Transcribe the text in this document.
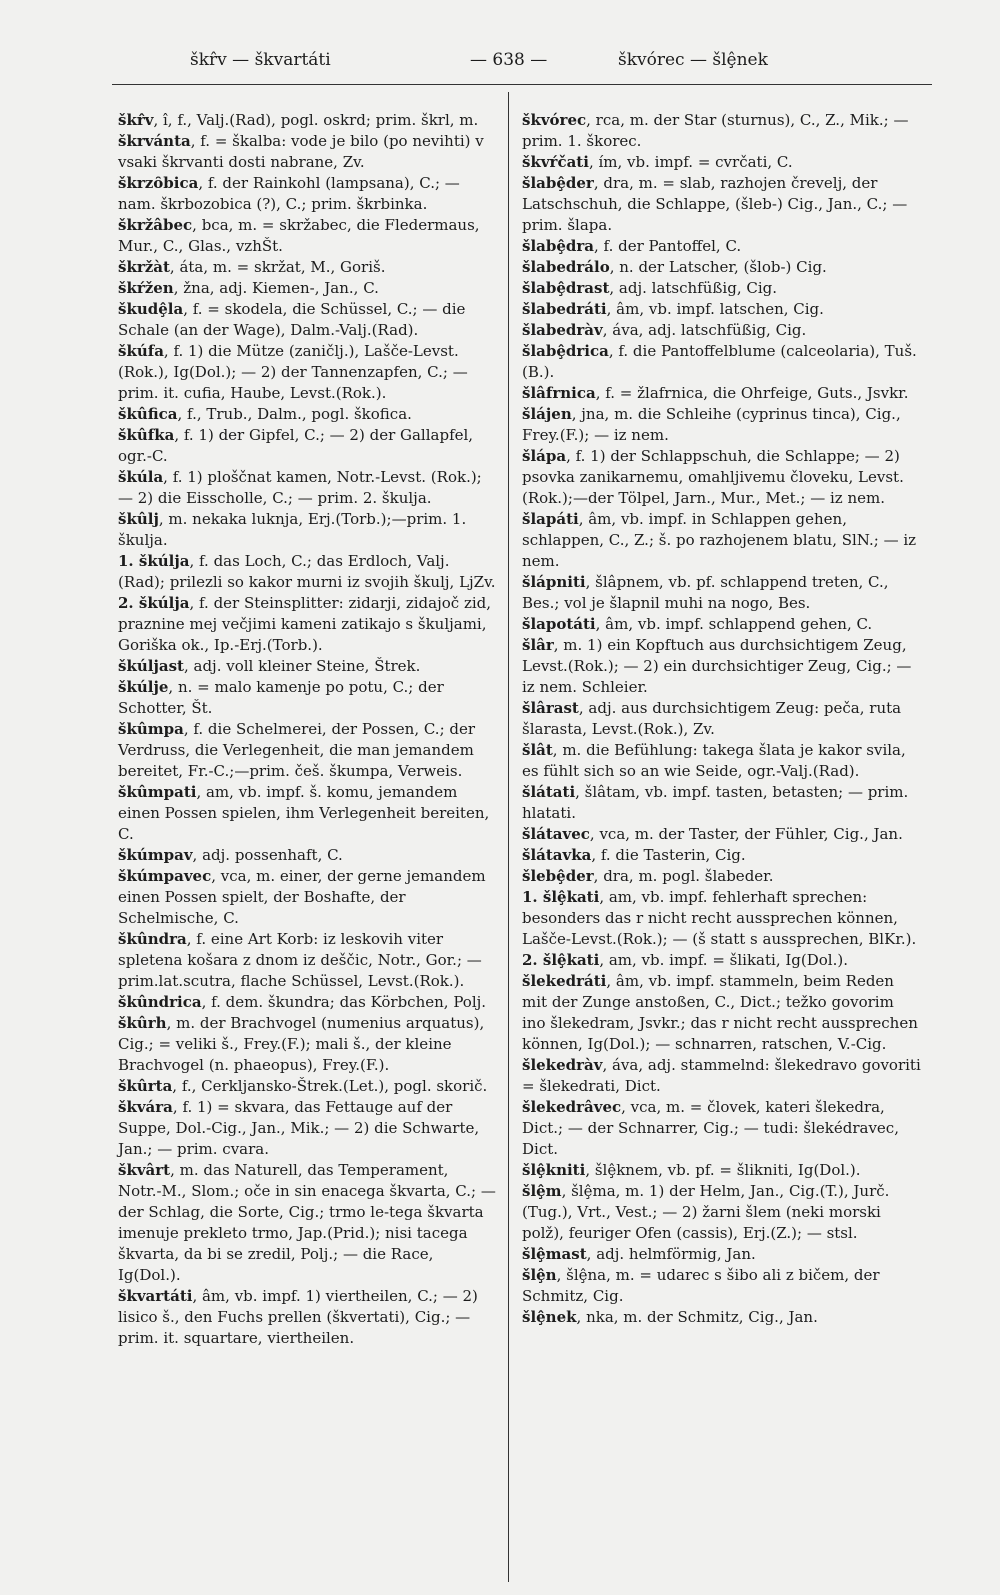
škr̂v — škvartáti	— 638 —	škvórec — šlȩ̂nek

škr̂v, î, f., Valj.(Rad), pogl. oskrd; prim. škrl, m.

škrvánta, f. = škalba: vode je bilo (po nevihti) v vsaki škrvanti dosti nabrane, Zv.

škrzȏbica, f. der Rainkohl (lampsana), C.; — nam. škrbozobica (?), C.; prim. škrbinka.

škržâbec, bca, m. = skržabec, die Fledermaus, Mur., C., Glas., vzhŠt.

škržàt, áta, m. = skržat, M., Goriš.

škŕžen, žna, adj. Kiemen-, Jan., C.

škudȩ̂la, f. = skodela, die Schüssel, C.; — die Schale (an der Wage), Dalm.-Valj.(Rad).

škúfa, f. 1) die Mütze (zaničlj.), Lašče-Levst. (Rok.), Ig(Dol.); — 2) der Tannenzapfen, C.; — prim. it. cufia, Haube, Levst.(Rok.).

škûfica, f., Trub., Dalm., pogl. škofica.

škûfka, f. 1) der Gipfel, C.; — 2) der Gallapfel, ogr.-C.

škúla, f. 1) ploščnat kamen, Notr.-Levst. (Rok.); — 2) die Eisscholle, C.; — prim. 2. škulja.

škûlj, m. nekaka luknja, Erj.(Torb.);—prim. 1. škulja.

1. škúlja, f. das Loch, C.; das Erdloch, Valj. (Rad); prilezli so kakor murni iz svojih škulj, LjZv.

2. škúlja, f. der Steinsplitter: zidarji, zidajoč zid, praznine mej večjimi kameni zatikajo s škuljami, Goriška ok., Ip.-Erj.(Torb.).

škúljast, adj. voll kleiner Steine, Štrek.

škúlje, n. = malo kamenje po potu, C.; der Schotter, Št.

škûmpa, f. die Schelmerei, der Possen, C.; der Verdruss, die Verlegenheit, die man jemandem bereitet, Fr.-C.;—prim. češ. škumpa, Verweis.

škûmpati, am, vb. impf. š. komu, jemandem einen Possen spielen, ihm Verlegenheit bereiten, C.

škúmpav, adj. possenhaft, C.

škúmpavec, vca, m. einer, der gerne jemandem einen Possen spielt, der Boshafte, der Schelmische, C.

škûndra, f. eine Art Korb: iz leskovih viter spletena košara z dnom iz deščic, Notr., Gor.; —prim.lat.scutra, flache Schüssel, Levst.(Rok.).

škûndrica, f. dem. škundra; das Körbchen, Polj.

škûrh, m. der Brachvogel (numenius arquatus), Cig.; = veliki š., Frey.(F.); mali š., der kleine Brachvogel (n. phaeopus), Frey.(F.).

škûrta, f., Cerkljansko-Štrek.(Let.), pogl. skorič.

škvára, f. 1) = skvara, das Fettauge auf der Suppe, Dol.-Cig., Jan., Mik.; — 2) die Schwarte, Jan.; — prim. cvara.

škvârt, m. das Naturell, das Temperament, Notr.-M., Slom.; oče in sin enacega škvarta, C.; — der Schlag, die Sorte, Cig.; trmo le-tega škvarta imenuje prekleto trmo, Jap.(Prid.); nisi tacega škvarta, da bi se zredil, Polj.; — die Race, Ig(Dol.).

škvartáti, âm, vb. impf. 1) viertheilen, C.; — 2) lisico š., den Fuchs prellen (škvertati), Cig.; — prim. it. squartare, viertheilen.

škvórec, rca, m. der Star (sturnus), C., Z., Mik.; — prim. 1. škorec.

škvŕčati, ím, vb. impf. = cvrčati, C.

šlabȩ̂der, dra, m. = slab, razhojen črevelj, der Latschschuh, die Schlappe, (šleb-) Cig., Jan., C.; — prim. šlapa.

šlabȩ̂dra, f. der Pantoffel, C.

šlabedrálo, n. der Latscher, (šlob-) Cig.

šlabȩ̂drast, adj. latschfüßig, Cig.

šlabedráti, âm, vb. impf. latschen, Cig.

šlabedràv, áva, adj. latschfüßig, Cig.

šlabȩ̂drica, f. die Pantoffelblume (calceolaria), Tuš.(B.).

šlâfrnica, f. = žlafrnica, die Ohrfeige, Guts., Jsvkr.

šlájen, jna, m. die Schleihe (cyprinus tinca), Cig., Frey.(F.); — iz nem.

šlápa, f. 1) der Schlappschuh, die Schlappe; — 2) psovka zanikarnemu, omahljivemu človeku, Levst.(Rok.);—der Tölpel, Jarn., Mur., Met.; — iz nem.

šlapáti, âm, vb. impf. in Schlappen gehen, schlappen, C., Z.; š. po razhojenem blatu, SlN.; — iz nem.

šlápniti, šlâpnem, vb. pf. schlappend treten, C., Bes.; vol je šlapnil muhi na nogo, Bes.

šlapotáti, âm, vb. impf. schlappend gehen, C.

šlâr, m. 1) ein Kopftuch aus durchsichtigem Zeug, Levst.(Rok.); — 2) ein durchsichtiger Zeug, Cig.; — iz nem. Schleier.

šlârast, adj. aus durchsichtigem Zeug: peča, ruta šlarasta, Levst.(Rok.), Zv.

šlât, m. die Befühlung: takega šlata je kakor svila, es fühlt sich so an wie Seide, ogr.-Valj.(Rad).

šlátati, šlâtam, vb. impf. tasten, betasten; — prim. hlatati.

šlátavec, vca, m. der Taster, der Fühler, Cig., Jan.

šlátavka, f. die Tasterin, Cig.

šlebȩ̂der, dra, m. pogl. šlabeder.

1. šlȩ̂kati, am, vb. impf. fehlerhaft sprechen: besonders das r nicht recht aussprechen können, Lašče-Levst.(Rok.); — (š statt s aussprechen, BlKr.).

2. šlȩ̂kati, am, vb. impf. = šlikati, Ig(Dol.).

šlekedráti, âm, vb. impf. stammeln, beim Reden mit der Zunge anstoßen, C., Dict.; težko govorim ino šlekedram, Jsvkr.; das r nicht recht aussprechen können, Ig(Dol.); — schnarren, ratschen, V.-Cig.

šlekedràv, áva, adj. stammelnd: šlekedravo govoriti = šlekedrati, Dict.

šlekedrâvec, vca, m. = človek, kateri šlekedra, Dict.; — der Schnarrer, Cig.; — tudi: šlekédravec, Dict.

šlȩ̂kniti, šlȩ̂knem, vb. pf. = šlikniti, Ig(Dol.).

šlȩ̂m, šlȩ̂ma, m. 1) der Helm, Jan., Cig.(T.), Jurč.(Tug.), Vrt., Vest.; — 2) žarni šlem (neki morski polž), feuriger Ofen (cassis), Erj.(Z.); — stsl.

šlȩ̂mast, adj. helmförmig, Jan.

šlȩ̂n, šlȩ̂na, m. = udarec s šibo ali z bičem, der Schmitz, Cig.

šlȩ̂nek, nka, m. der Schmitz, Cig., Jan.
